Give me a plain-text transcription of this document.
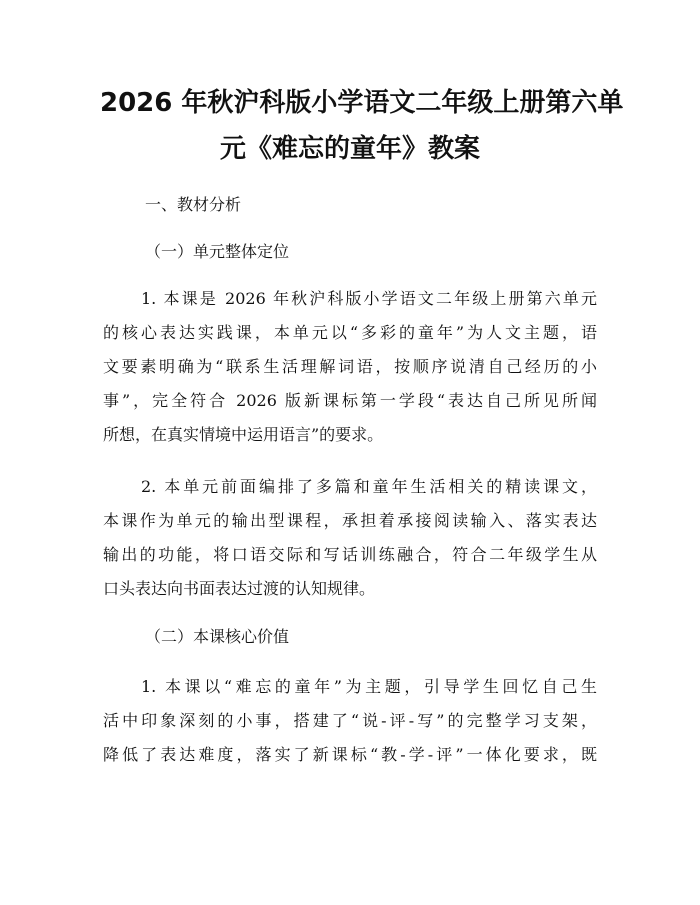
2026 年秋沪科版小学语文二年级上册第六单
元《难忘的童年》教案

一、教材分析

（一）单元整体定位

1. 本课是 2026 年秋沪科版小学语文二年级上册第六单元

的核心表达实践课，本单元以“多彩的童年”为人文主题，语

文要素明确为“联系生活理解词语，按顺序说清自己经历的小

事”，完全符合 2026 版新课标第一学段“表达自己所见所闻

所想，在真实情境中运用语言”的要求。

2. 本单元前面编排了多篇和童年生活相关的精读课文，

本课作为单元的输出型课程，承担着承接阅读输入、落实表达

输出的功能，将口语交际和写话训练融合，符合二年级学生从

口头表达向书面表达过渡的认知规律。

（二）本课核心价值

1. 本课以“难忘的童年”为主题，引导学生回忆自己生

活中印象深刻的小事，搭建了“说-评-写”的完整学习支架，

降低了表达难度，落实了新课标“教-学-评”一体化要求，既
